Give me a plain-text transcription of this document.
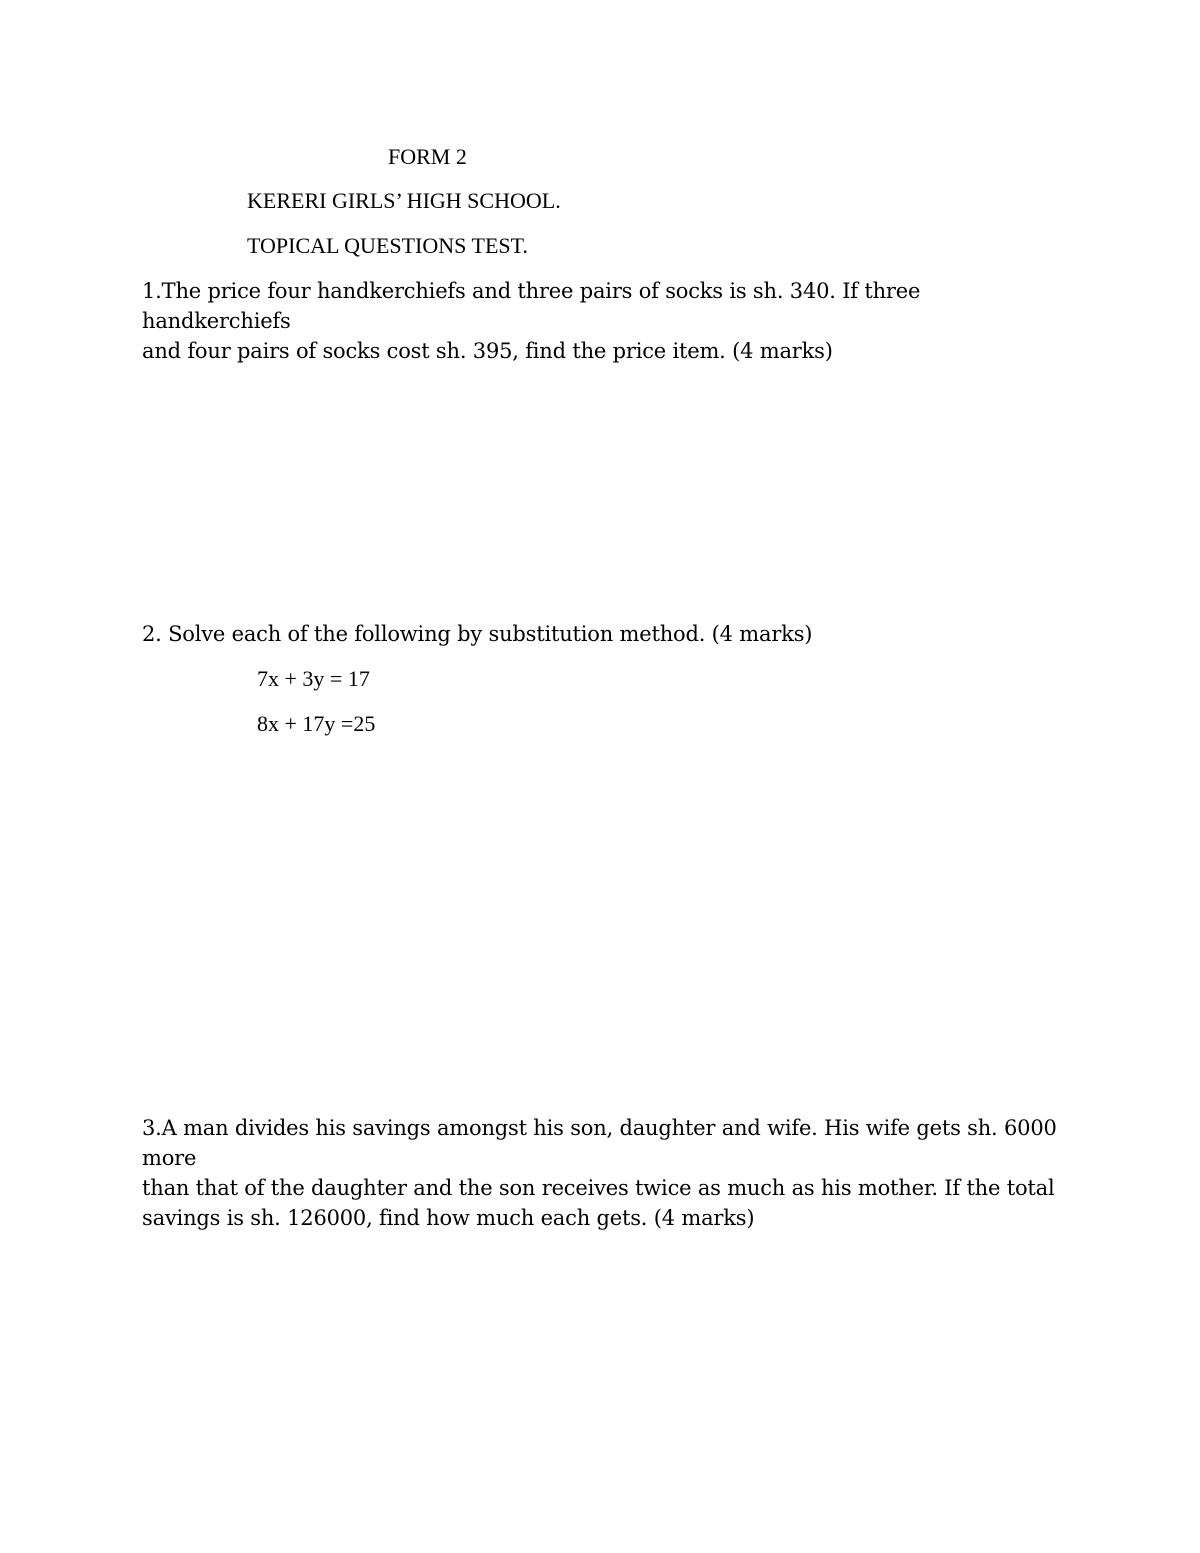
FORM 2
KERERI GIRLS’ HIGH SCHOOL.
TOPICAL QUESTIONS TEST.

1.The price four handkerchiefs and three pairs of socks is sh. 340. If three handkerchiefs

and four pairs of socks cost sh. 395, find the price item. (4 marks)

2. Solve each of the following by substitution method. (4 marks)

7x + 3y = 17
8x + 17y =25

3.A man divides his savings amongst his son, daughter and wife. His wife gets sh. 6000 more

than that of the daughter and the son receives twice as much as his mother. If the total

savings is sh. 126000, find how much each gets. (4 marks)
